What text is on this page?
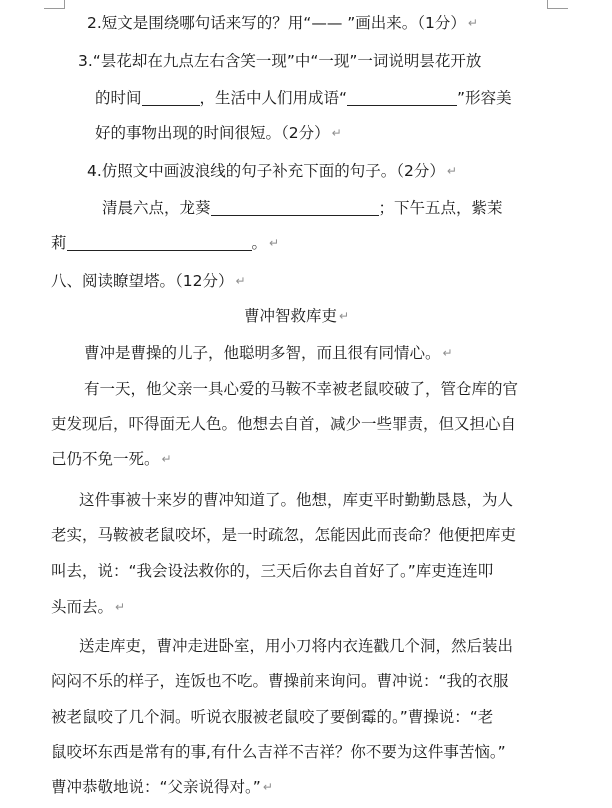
2.短文是围绕哪句话来写的？用“—— ”画出来。（1分） ↵
3.“昙花却在九点左右含笑一现”中“一现”一词说明昙花开放
的时间	，生活中人们用成语“	”形容美
好的事物出现的时间很短。（2分） ↵
4.仿照文中画波浪线的句子补充下面的句子。（2分） ↵
清晨六点，龙葵	；下午五点，紫茉
莉	。 ↵
八、阅读瞭望塔。（12分） ↵
曹冲智救库吏 ↵
曹冲是曹操的儿子，他聪明多智，而且很有同情心。 ↵
有一天，他父亲一具心爱的马鞍不幸被老鼠咬破了，管仓库的官
吏发现后，吓得面无人色。他想去自首，减少一些罪责，但又担心自
己仍不免一死。 ↵
这件事被十来岁的曹冲知道了。他想，库吏平时勤勤恳恳，为人
老实，马鞍被老鼠咬坏，是一时疏忽，怎能因此而丧命？他便把库吏
叫去，说：“我会设法救你的，三天后你去自首好了。”库吏连连叩
头而去。 ↵
送走库吏，曹冲走进卧室，用小刀将内衣连戳几个洞，然后装出
闷闷不乐的样子，连饭也不吃。曹操前来询问。曹冲说：“我的衣服
被老鼠咬了几个洞。听说衣服被老鼠咬了要倒霉的。”曹操说：“老
鼠咬坏东西是常有的事,有什么吉祥不吉祥？你不要为这件事苦恼。”
曹冲恭敬地说：“父亲说得对。” ↵
